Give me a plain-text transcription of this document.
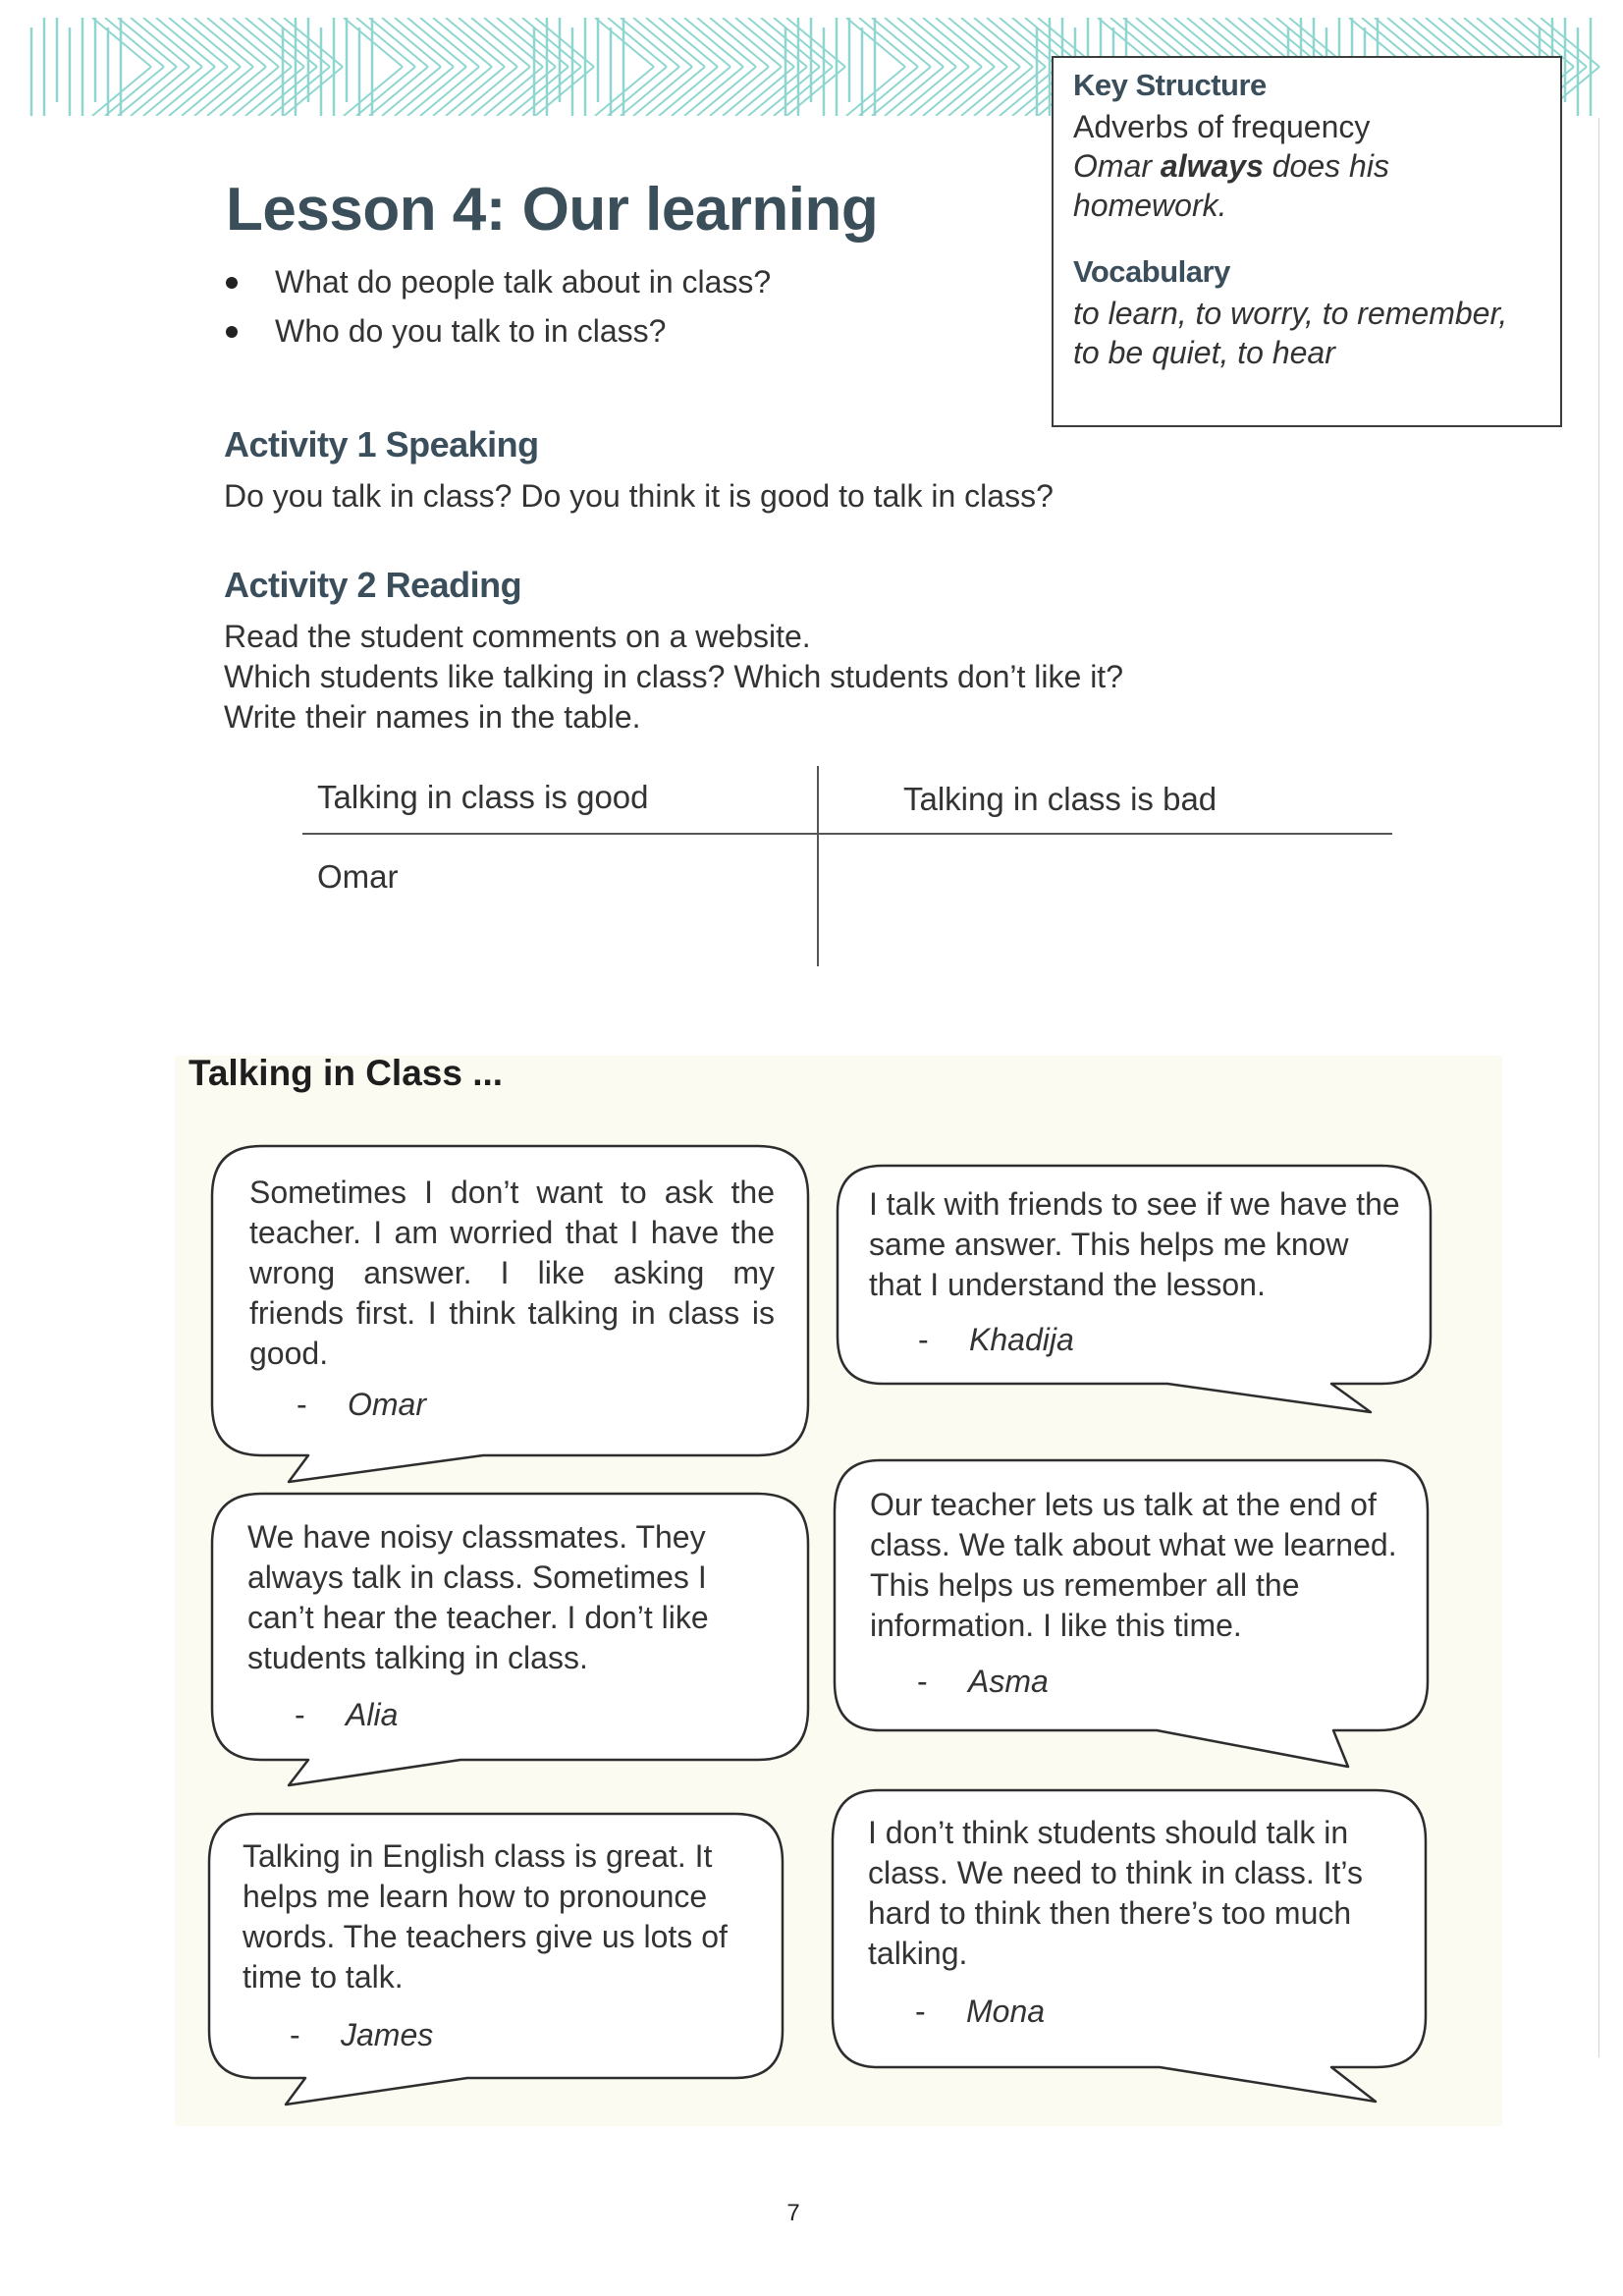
Key Structure
Adverbs of frequency
Omar always does his
homework.
Vocabulary
to learn, to worry, to remember,
to be quiet, to hear
Lesson 4: Our learning
What do people talk about in class?
Who do you talk to in class?
Activity 1 Speaking

Do you talk in class? Do you think it is good to talk in class?

Activity 2 Reading

Read the student comments on a website.

Which students like talking in class? Which students don’t like it?

Write their names in the table.

Talking in class is good	Talking in class is bad
Omar
Talking in Class ...
Sometimes I don’t want to ask the teacher. I am worried that I have the wrong answer. I like asking my friends first. I think talking in class is good.
- Omar
I talk with friends to see if we have the same answer. This helps me know that I understand the lesson.
- Khadija
We have noisy classmates. They always talk in class. Sometimes I can’t hear the teacher. I don’t like students talking in class.
- Alia
Our teacher lets us talk at the end of class. We talk about what we learned. This helps us remember all the information. I like this time.
- Asma
Talking in English class is great. It helps me learn how to pronounce words. The teachers give us lots of time to talk.
- James
I don’t think students should talk in class. We need to think in class. It’s hard to think then there’s too much talking.
- Mona
7
